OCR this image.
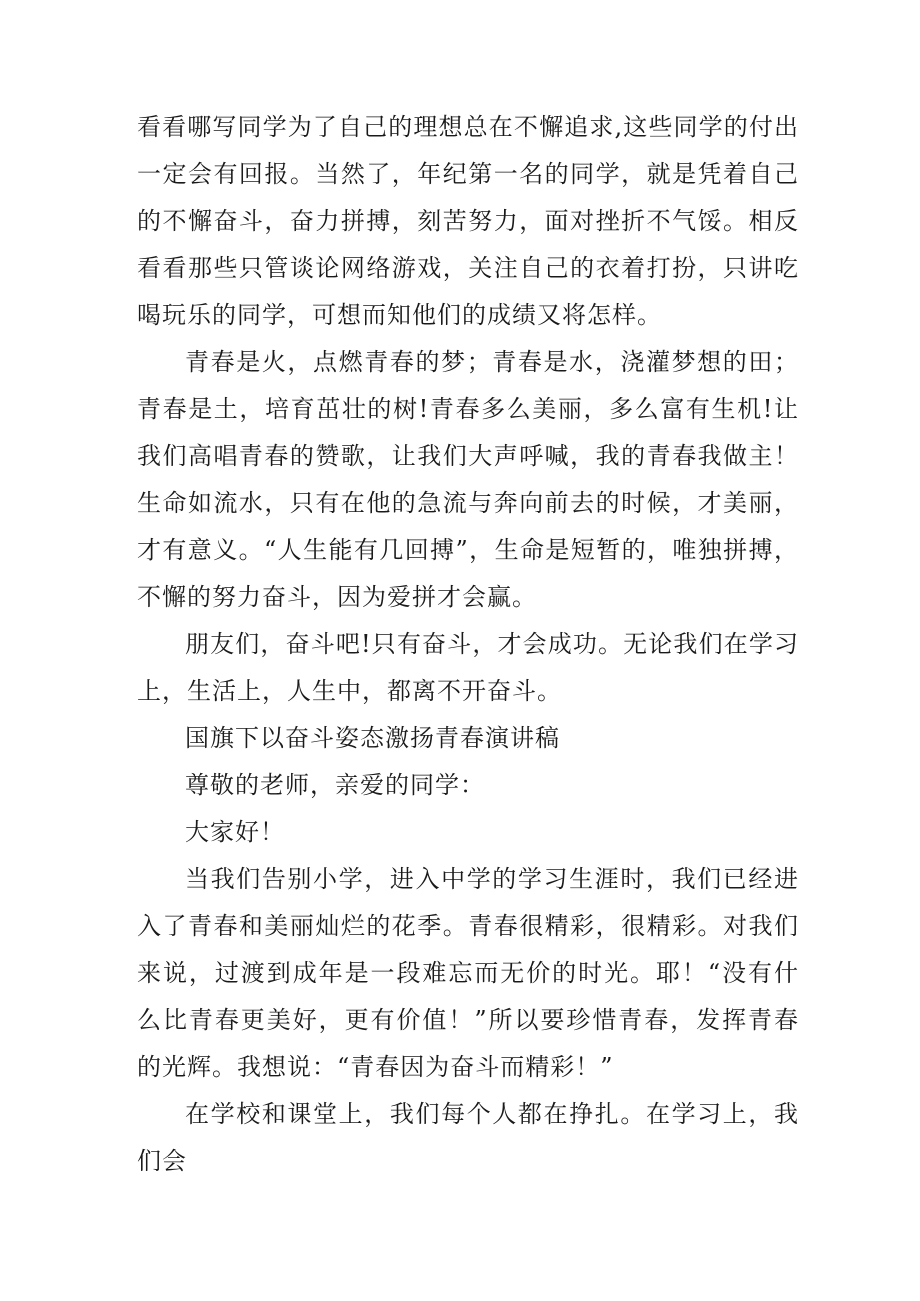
看看哪写同学为了自己的理想总在不懈追求,这些同学的付出一定会有回报。当然了，年纪第一名的同学，就是凭着自己的不懈奋斗，奋力拼搏，刻苦努力，面对挫折不气馁。相反看看那些只管谈论网络游戏，关注自己的衣着打扮，只讲吃喝玩乐的同学，可想而知他们的成绩又将怎样。

青春是火，点燃青春的梦；青春是水，浇灌梦想的田；青春是土，培育茁壮的树!青春多么美丽，多么富有生机!让我们高唱青春的赞歌，让我们大声呼喊，我的青春我做主！生命如流水，只有在他的急流与奔向前去的时候，才美丽，才有意义。“人生能有几回搏”，生命是短暂的，唯独拼搏，不懈的努力奋斗，因为爱拼才会赢。

朋友们，奋斗吧!只有奋斗，才会成功。无论我们在学习上，生活上，人生中，都离不开奋斗。

国旗下以奋斗姿态激扬青春演讲稿

尊敬的老师，亲爱的同学：

大家好！

当我们告别小学，进入中学的学习生涯时，我们已经进入了青春和美丽灿烂的花季。青春很精彩，很精彩。对我们来说，过渡到成年是一段难忘而无价的时光。耶！“没有什么比青春更美好，更有价值！”所以要珍惜青春，发挥青春的光辉。我想说：“青春因为奋斗而精彩！”

在学校和课堂上，我们每个人都在挣扎。在学习上，我们会
